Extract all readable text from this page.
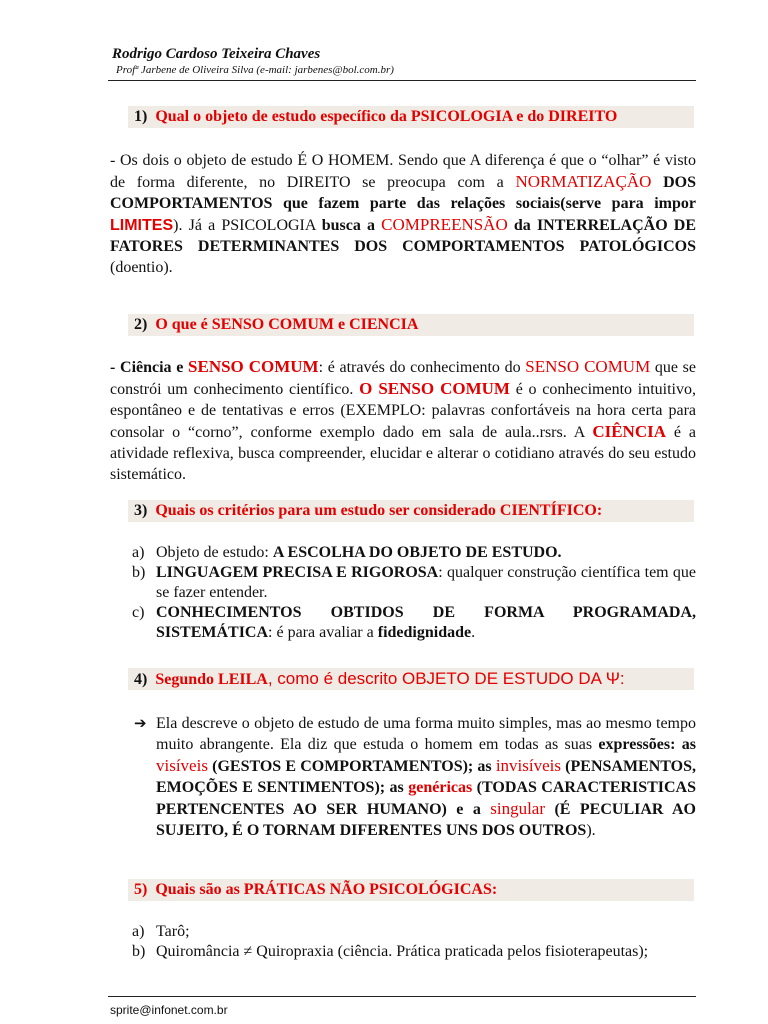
Rodrigo Cardoso Teixeira Chaves
Profª Jarbene de Oliveira Silva (e-mail: jarbenes@bol.com.br)
1) Qual o objeto de estudo específico da PSICOLOGIA e do DIREITO

- Os dois o objeto de estudo É O HOMEM. Sendo que A diferença é que o “olhar” é visto de forma diferente, no DIREITO se preocupa com a NORMATIZAÇÃO DOS COMPORTAMENTOS que fazem parte das relações sociais(serve para impor LIMITES). Já a PSICOLOGIA busca a COMPREENSÃO da INTERRELAÇÃO DE FATORES DETERMINANTES DOS COMPORTAMENTOS PATOLÓGICOS (doentio).

2) O que é SENSO COMUM e CIENCIA

- Ciência e SENSO COMUM: é através do conhecimento do SENSO COMUM que se constrói um conhecimento científico. O SENSO COMUM é o conhecimento intuitivo, espontâneo e de tentativas e erros (EXEMPLO: palavras confortáveis na hora certa para consolar o “corno”, conforme exemplo dado em sala de aula..rsrs. A CIÊNCIA é a atividade reflexiva, busca compreender, elucidar e alterar o cotidiano através do seu estudo sistemático.

3) Quais os critérios para um estudo ser considerado CIENTÍFICO:
a) Objeto de estudo: A ESCOLHA DO OBJETO DE ESTUDO.
b) LINGUAGEM PRECISA E RIGOROSA: qualquer construção científica tem que se fazer entender.
c) CONHECIMENTOS OBTIDOS DE FORMA PROGRAMADA, SISTEMÁTICA: é para avaliar a fidedignidade.
4) Segundo LEILA, como é descrito OBJETO DE ESTUDO DA Ψ:
➔ Ela descreve o objeto de estudo de uma forma muito simples, mas ao mesmo tempo muito abrangente. Ela diz que estuda o homem em todas as suas expressões: as visíveis (GESTOS E COMPORTAMENTOS); as invisíveis (PENSAMENTOS, EMOÇÕES E SENTIMENTOS); as genéricas (TODAS CARACTERISTICAS PERTENCENTES AO SER HUMANO) e a singular (É PECULIAR AO SUJEITO, É O TORNAM DIFERENTES UNS DOS OUTROS).
5) Quais são as PRÁTICAS NÃO PSICOLÓGICAS:
a) Tarô;
b) Quiromância ≠ Quiropraxia (ciência. Prática praticada pelos fisioterapeutas);
sprite@infonet.com.br
